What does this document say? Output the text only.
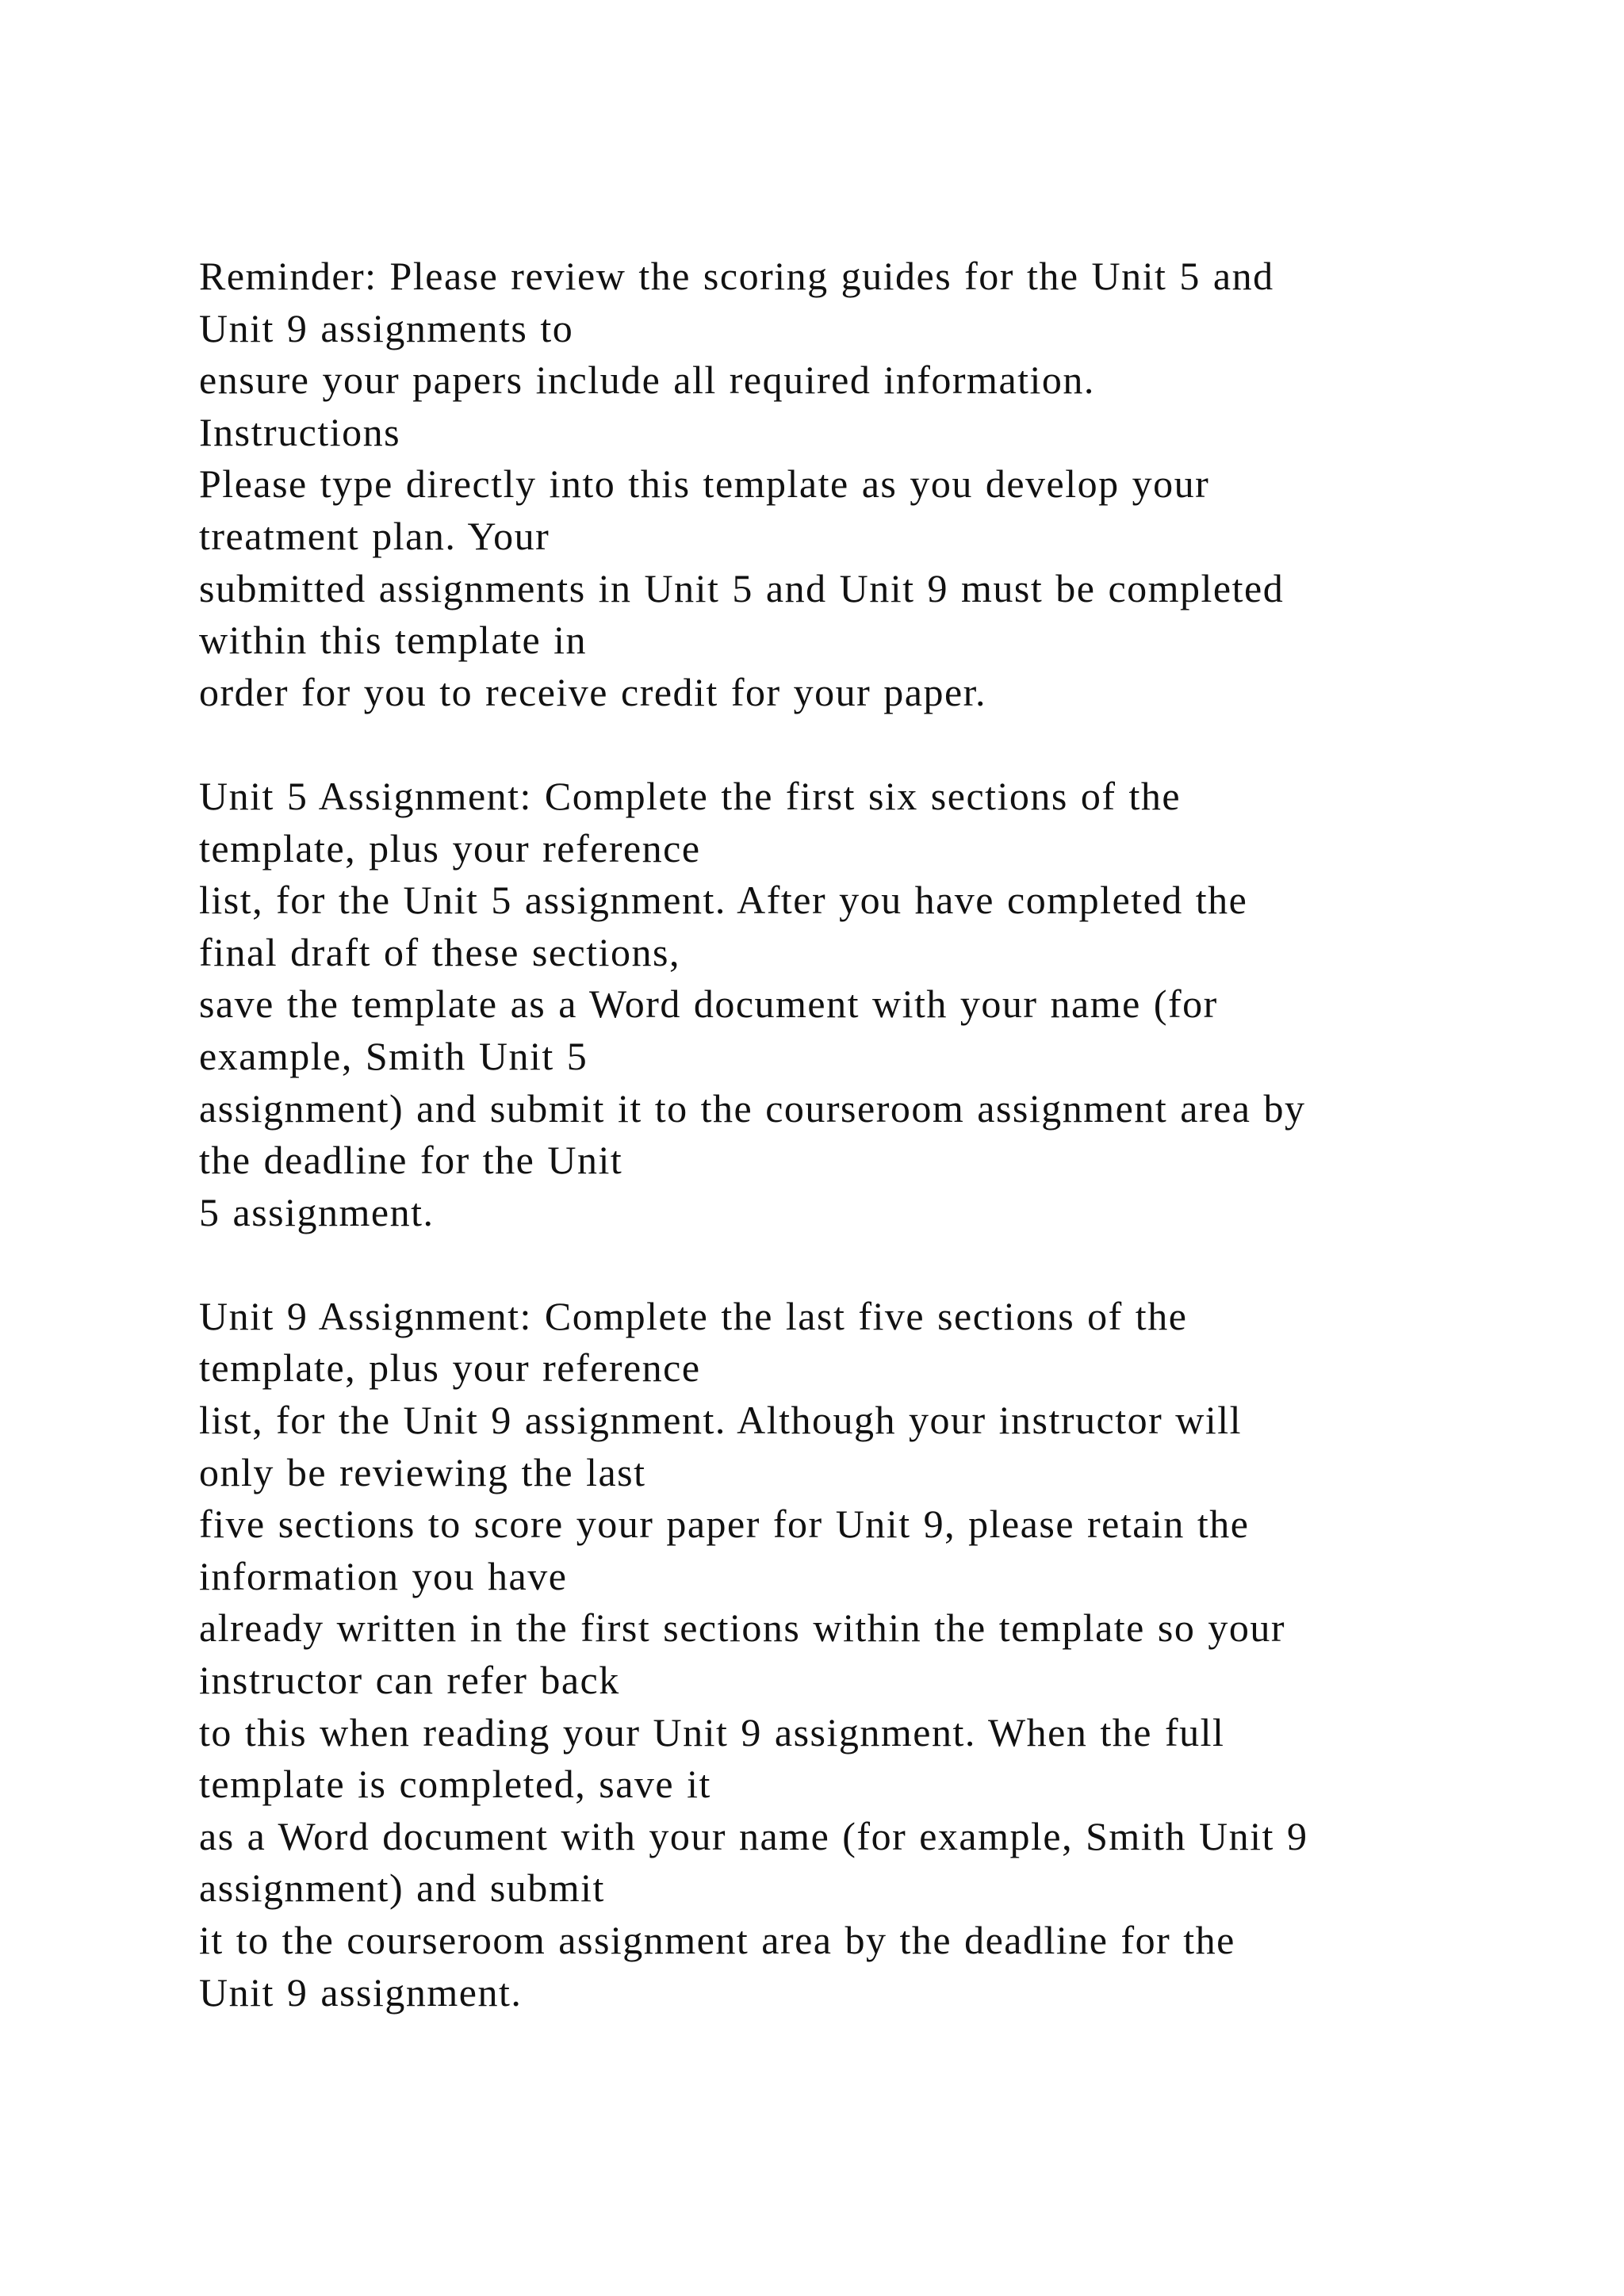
Reminder: Please review the scoring guides for the Unit 5 and
Unit 9 assignments to
ensure your papers include all required information.
Instructions
Please type directly into this template as you develop your
treatment plan. Your
submitted assignments in Unit 5 and Unit 9 must be completed
within this template in
order for you to receive credit for your paper.
Unit 5 Assignment: Complete the first six sections of the
template, plus your reference
list, for the Unit 5 assignment. After you have completed the
final draft of these sections,
save the template as a Word document with your name (for
example, Smith Unit 5
assignment) and submit it to the courseroom assignment area by
the deadline for the Unit
5 assignment.
Unit 9 Assignment: Complete the last five sections of the
template, plus your reference
list, for the Unit 9 assignment. Although your instructor will
only be reviewing the last
five sections to score your paper for Unit 9, please retain the
information you have
already written in the first sections within the template so your
instructor can refer back
to this when reading your Unit 9 assignment. When the full
template is completed, save it
as a Word document with your name (for example, Smith Unit 9
assignment) and submit
it to the courseroom assignment area by the deadline for the
Unit 9 assignment.
